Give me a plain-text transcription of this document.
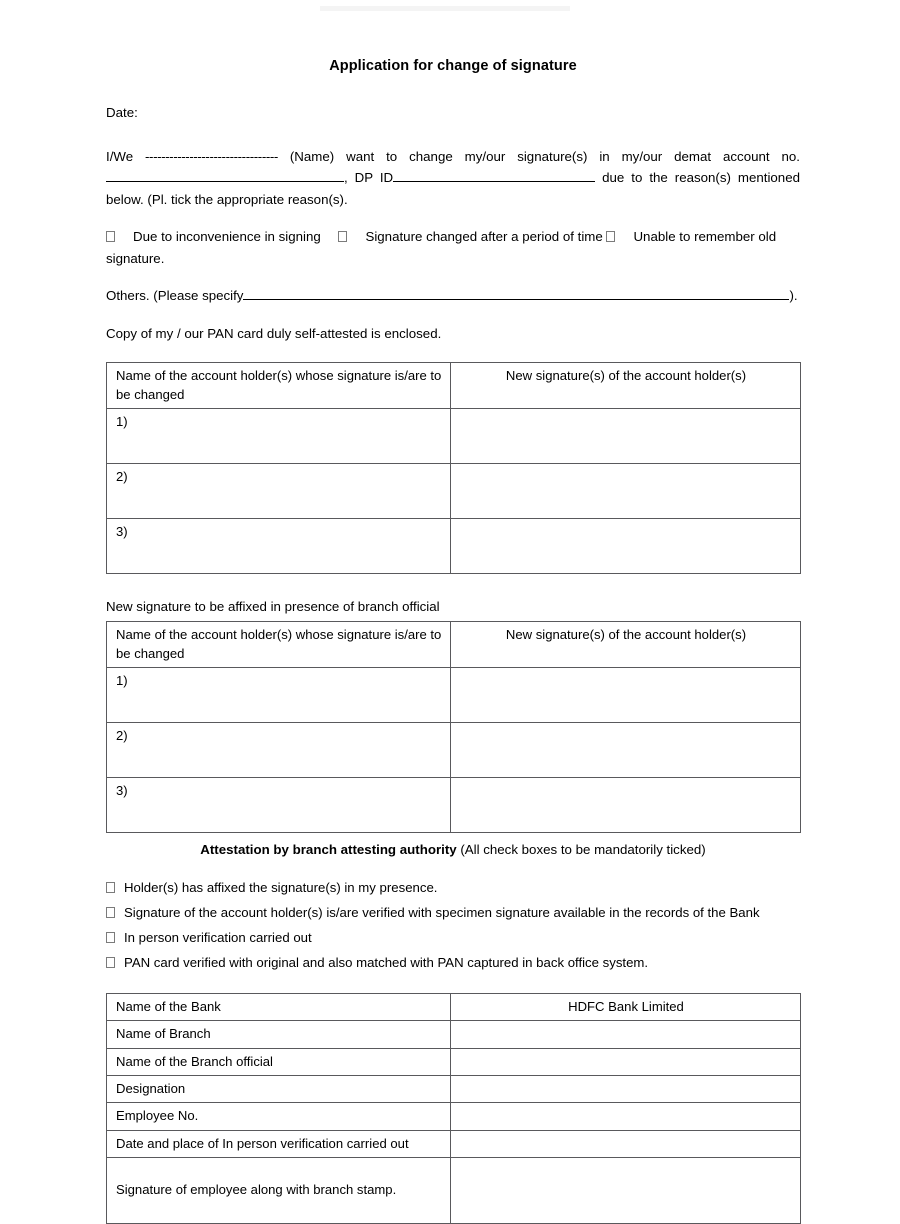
Application for change of signature

Date:

I/We --------------------------------- (Name) want to change my/our signature(s) in my/our demat account no. , DP ID	due to the reason(s) mentioned below. (Pl. tick the appropriate reason(s).

Due to inconvenience in signing	Signature changed after a period of time Unable to remember old signature.

Others. (Please specify	).

Copy of my / our PAN card duly self-attested is enclosed.

Name of the account holder(s) whose signature is/are to be changed	New signature(s) of the account holder(s)
1)	
2)	
3)	

New signature to be affixed in presence of branch official

Name of the account holder(s) whose signature is/are to be changed	New signature(s) of the account holder(s)
1)	
2)	
3)	

Attestation by branch attesting authority (All check boxes to be mandatorily ticked)

Holder(s) has affixed the signature(s) in my presence.
Signature of the account holder(s) is/are verified with specimen signature available in the records of the Bank
In person verification carried out
PAN card verified with original and also matched with PAN captured in back office system.
Name of the Bank	HDFC Bank Limited
Name of Branch	
Name of the Branch official	
Designation	
Employee No.	
Date and place of In person verification carried out	
Signature of employee along with branch stamp.	
